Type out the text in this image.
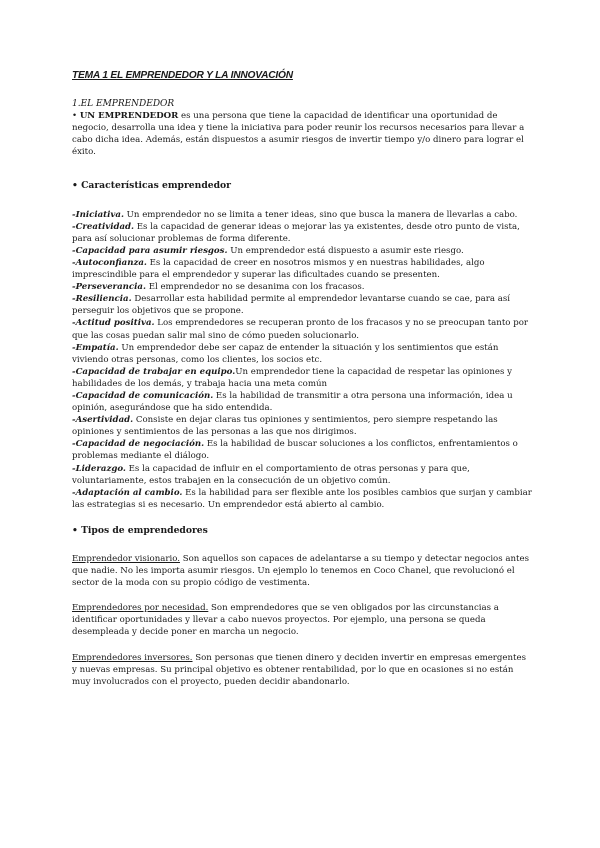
TEMA 1 EL EMPRENDEDOR Y LA INNOVACIÓN
1.EL EMPRENDEDOR

• UN EMPRENDEDOR es una persona que tiene la capacidad de identificar una oportunidad de negocio, desarrolla una idea y tiene la iniciativa para poder reunir los recursos necesarios para llevar a cabo dicha idea. Además, están dispuestos a asumir riesgos de invertir tiempo y/o dinero para lograr el éxito.

• Características emprendedor

-Iniciativa. Un emprendedor no se limita a tener ideas, sino que busca la manera de llevarlas a cabo.

-Creatividad. Es la capacidad de generar ideas o mejorar las ya existentes, desde otro punto de vista, para así solucionar problemas de forma diferente.

-Capacidad para asumir riesgos. Un emprendedor está dispuesto a asumir este riesgo.

-Autoconfianza. Es la capacidad de creer en nosotros mismos y en nuestras habilidades, algo imprescindible para el emprendedor y superar las dificultades cuando se presenten.

-Perseverancia. El emprendedor no se desanima con los fracasos.

-Resiliencia. Desarrollar esta habilidad permite al emprendedor levantarse cuando se cae, para así perseguir los objetivos que se propone.

-Actitud positiva. Los emprendedores se recuperan pronto de los fracasos y no se preocupan tanto por que las cosas puedan salir mal sino de cómo pueden solucionarlo.

-Empatía. Un emprendedor debe ser capaz de entender la situación y los sentimientos que están viviendo otras personas, como los clientes, los socios etc.

-Capacidad de trabajar en equipo.Un emprendedor tiene la capacidad de respetar las opiniones y habilidades de los demás, y trabaja hacia una meta común

-Capacidad de comunicación. Es la habilidad de transmitir a otra persona una información, idea u opinión, asegurándose que ha sido entendida.

-Asertividad. Consiste en dejar claras tus opiniones y sentimientos, pero siempre respetando las opiniones y sentimientos de las personas a las que nos dirigimos.

-Capacidad de negociación. Es la habilidad de buscar soluciones a los conflictos, enfrentamientos o problemas mediante el diálogo.

-Liderazgo. Es la capacidad de influir en el comportamiento de otras personas y para que, voluntariamente, estos trabajen en la consecución de un objetivo común.

-Adaptación al cambio. Es la habilidad para ser flexible ante los posibles cambios que surjan y cambiar las estrategias si es necesario. Un emprendedor está abierto al cambio.

• Tipos de emprendedores

Emprendedor visionario. Son aquellos son capaces de adelantarse a su tiempo y detectar negocios antes que nadie. No les importa asumir riesgos. Un ejemplo lo tenemos en Coco Chanel, que revolucionó el sector de la moda con su propio código de vestimenta.

Emprendedores por necesidad. Son emprendedores que se ven obligados por las circunstancias a identificar oportunidades y llevar a cabo nuevos proyectos. Por ejemplo, una persona se queda desempleada y decide poner en marcha un negocio.

Emprendedores inversores. Son personas que tienen dinero y deciden invertir en empresas emergentes y nuevas empresas. Su principal objetivo es obtener rentabilidad, por lo que en ocasiones si no están muy involucrados con el proyecto, pueden decidir abandonarlo.
